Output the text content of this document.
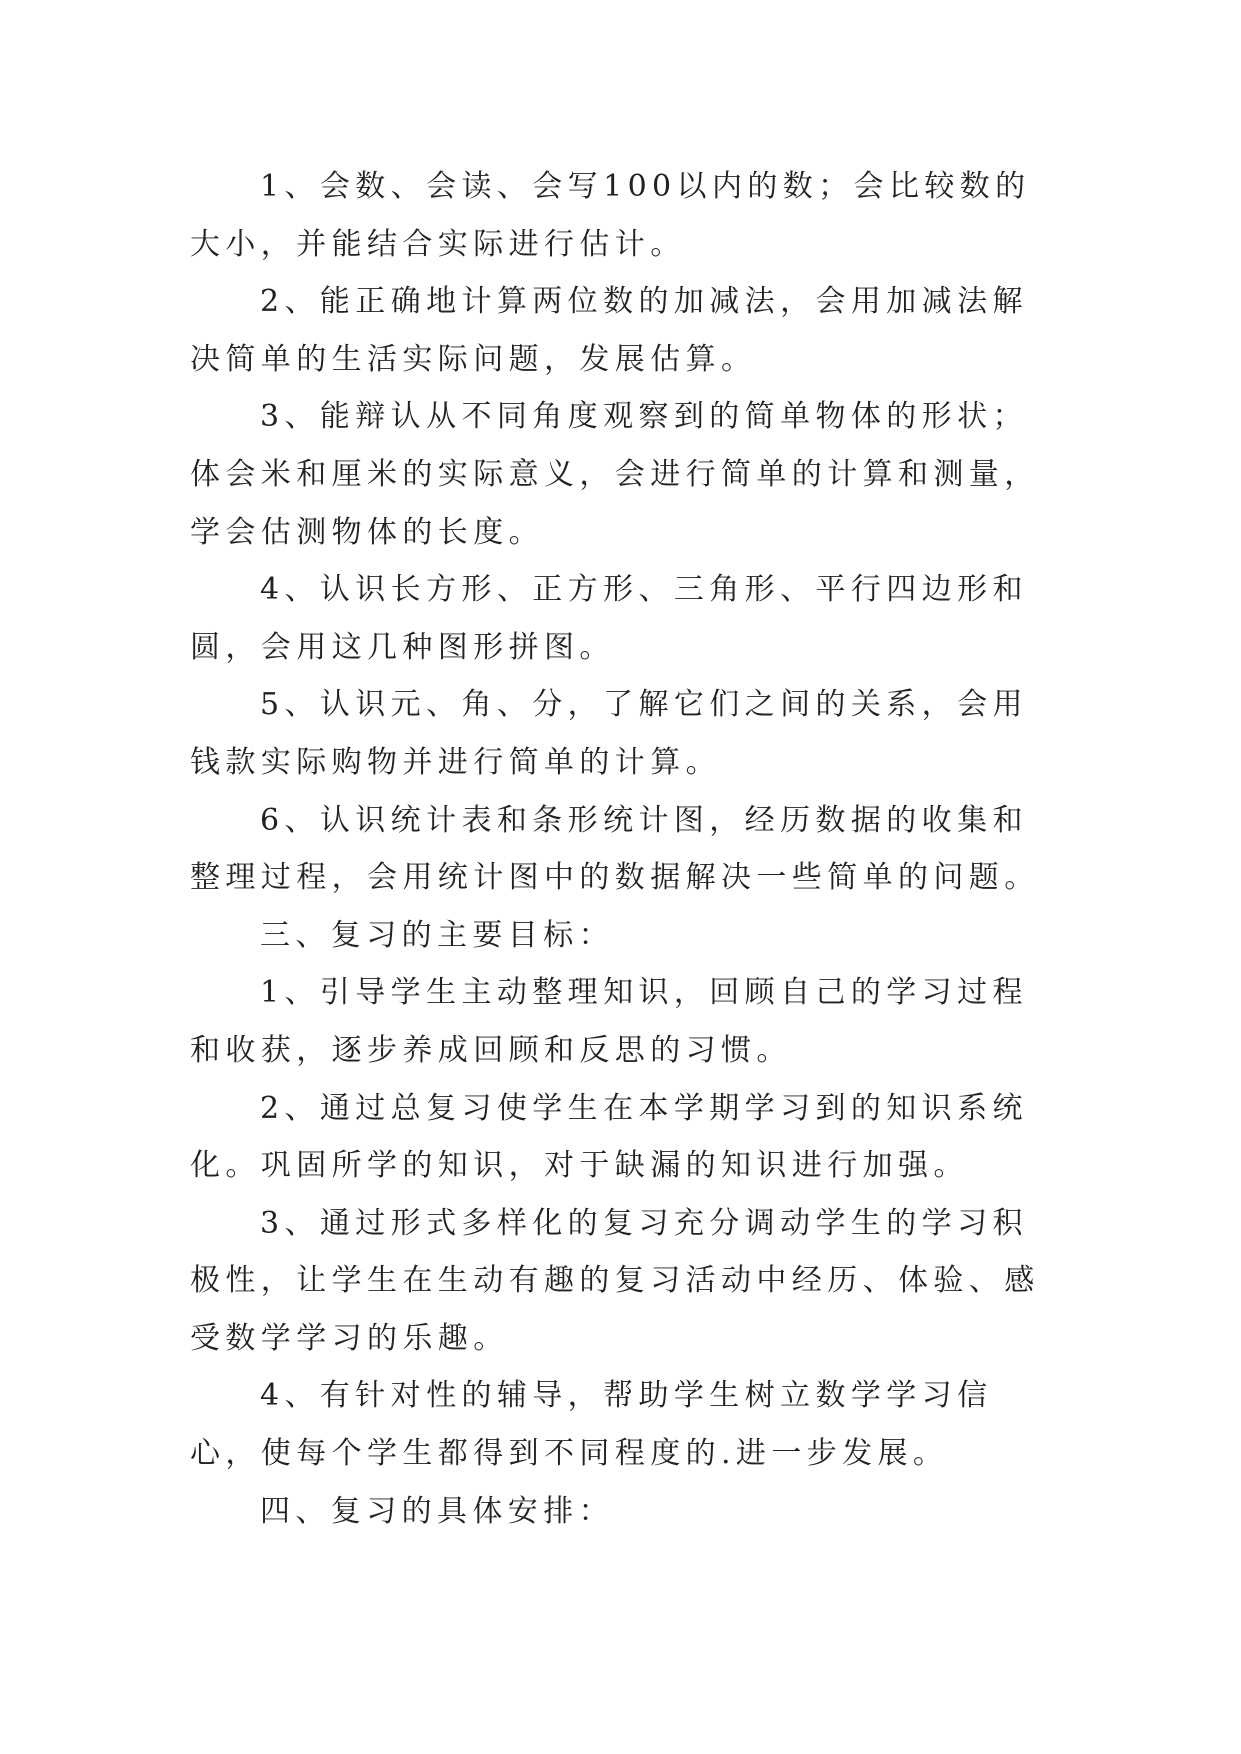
1、会数、会读、会写100以内的数；会比较数的大小，并能结合实际进行估计。

2、能正确地计算两位数的加减法，会用加减法解决简单的生活实际问题，发展估算。

3、能辩认从不同角度观察到的简单物体的形状；体会米和厘米的实际意义，会进行简单的计算和测量，学会估测物体的长度。

4、认识长方形、正方形、三角形、平行四边形和圆，会用这几种图形拼图。

5、认识元、角、分，了解它们之间的关系，会用钱款实际购物并进行简单的计算。

6、认识统计表和条形统计图，经历数据的收集和整理过程，会用统计图中的数据解决一些简单的问题。

三、复习的主要目标：

1、引导学生主动整理知识，回顾自己的学习过程和收获，逐步养成回顾和反思的习惯。

2、通过总复习使学生在本学期学习到的知识系统化。巩固所学的知识，对于缺漏的知识进行加强。

3、通过形式多样化的复习充分调动学生的学习积极性，让学生在生动有趣的复习活动中经历、体验、感受数学学习的乐趣。

4、有针对性的辅导，帮助学生树立数学学习信心，使每个学生都得到不同程度的.进一步发展。

四、复习的具体安排：
